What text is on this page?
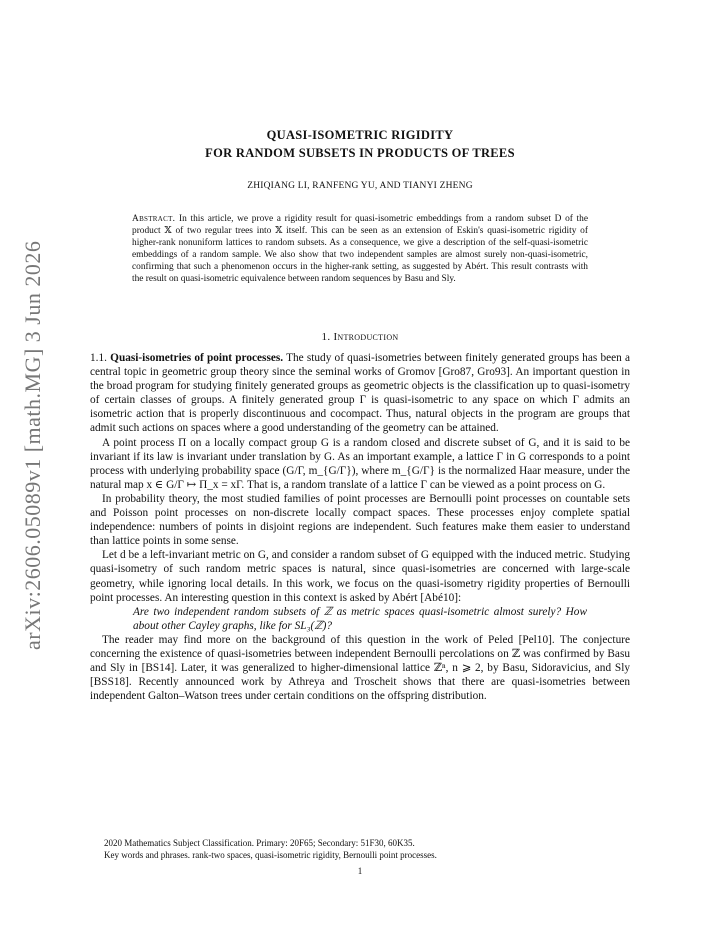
arXiv:2606.05089v1 [math.MG] 3 Jun 2026
QUASI-ISOMETRIC RIGIDITY
FOR RANDOM SUBSETS IN PRODUCTS OF TREES
ZHIQIANG LI, RANFENG YU, AND TIANYI ZHENG

Abstract. In this article, we prove a rigidity result for quasi-isometric embeddings from a random subset D of the product 𝕏 of two regular trees into 𝕏 itself. This can be seen as an extension of Eskin's quasi-isometric rigidity of higher-rank nonuniform lattices to random subsets. As a consequence, we give a description of the self-quasi-isometric embeddings of a random sample. We also show that two independent samples are almost surely non-quasi-isometric, confirming that such a phenomenon occurs in the higher-rank setting, as suggested by Abért. This result contrasts with the result on quasi-isometric equivalence between random sequences by Basu and Sly.

1. Introduction

1.1. Quasi-isometries of point processes. The study of quasi-isometries between finitely generated groups has been a central topic in geometric group theory since the seminal works of Gromov [Gro87, Gro93]. An important question in the broad program for studying finitely generated groups as geometric objects is the classification up to quasi-isometry of certain classes of groups. A finitely generated group Γ is quasi-isometric to any space on which Γ admits an isometric action that is properly discontinuous and cocompact. Thus, natural objects in the program are groups that admit such actions on spaces where a good understanding of the geometry can be attained.

A point process Π on a locally compact group G is a random closed and discrete subset of G, and it is said to be invariant if its law is invariant under translation by G. As an important example, a lattice Γ in G corresponds to a point process with underlying probability space (G/Γ, m_{G/Γ}), where m_{G/Γ} is the normalized Haar measure, under the natural map x ∈ G/Γ ↦ Π_x = xΓ. That is, a random translate of a lattice Γ can be viewed as a point process on G.

In probability theory, the most studied families of point processes are Bernoulli point processes on countable sets and Poisson point processes on non-discrete locally compact spaces. These processes enjoy complete spatial independence: numbers of points in disjoint regions are independent. Such features make them easier to understand than lattice points in some sense.

Let d be a left-invariant metric on G, and consider a random subset of G equipped with the induced metric. Studying quasi-isometry of such random metric spaces is natural, since quasi-isometries are concerned with large-scale geometry, while ignoring local details. In this work, we focus on the quasi-isometry rigidity properties of Bernoulli point processes. An interesting question in this context is asked by Abért [Abé10]:

Are two independent random subsets of ℤ as metric spaces quasi-isometric almost surely? How about other Cayley graphs, like for SL₃(ℤ)?

The reader may find more on the background of this question in the work of Peled [Pel10]. The conjecture concerning the existence of quasi-isometries between independent Bernoulli percolations on ℤ was confirmed by Basu and Sly in [BS14]. Later, it was generalized to higher-dimensional lattice ℤⁿ, n ⩾ 2, by Basu, Sidoravicius, and Sly [BSS18]. Recently announced work by Athreya and Troscheit shows that there are quasi-isometries between independent Galton–Watson trees under certain conditions on the offspring distribution.

2020 Mathematics Subject Classification. Primary: 20F65; Secondary: 51F30, 60K35.

Key words and phrases. rank-two spaces, quasi-isometric rigidity, Bernoulli point processes.

1
